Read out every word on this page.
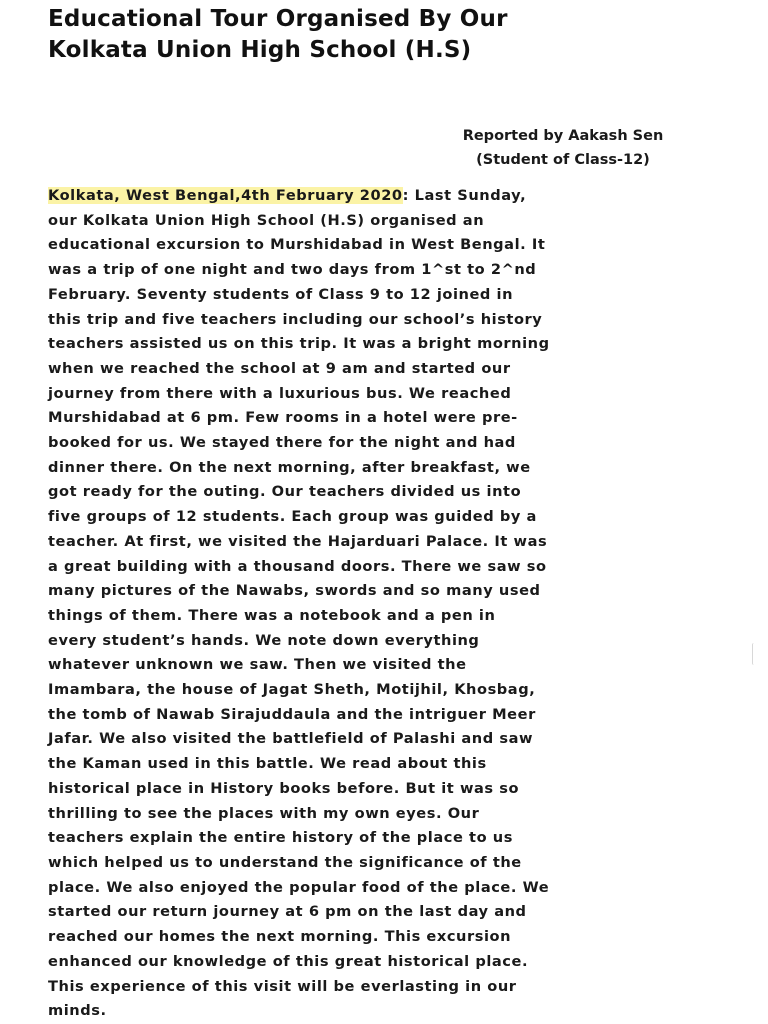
Educational Tour Organised By Our
Kolkata Union High School (H.S)
Reported by Aakash Sen
(Student of Class-12)
Kolkata, West Bengal,4th February 2020: Last Sunday,
our Kolkata Union High School (H.S) organised an
educational excursion to Murshidabad in West Bengal. It
was a trip of one night and two days from 1^st to 2^nd
February. Seventy students of Class 9 to 12 joined in
this trip and five teachers including our school’s history
teachers assisted us on this trip. It was a bright morning
when we reached the school at 9 am and started our
journey from there with a luxurious bus. We reached
Murshidabad at 6 pm. Few rooms in a hotel were pre-
booked for us. We stayed there for the night and had
dinner there. On the next morning, after breakfast, we
got ready for the outing. Our teachers divided us into
five groups of 12 students. Each group was guided by a
teacher. At first, we visited the Hajarduari Palace. It was
a great building with a thousand doors. There we saw so
many pictures of the Nawabs, swords and so many used
things of them. There was a notebook and a pen in
every student’s hands. We note down everything
whatever unknown we saw. Then we visited the
Imambara, the house of Jagat Sheth, Motijhil, Khosbag,
the tomb of Nawab Sirajuddaula and the intriguer Meer
Jafar. We also visited the battlefield of Palashi and saw
the Kaman used in this battle. We read about this
historical place in History books before. But it was so
thrilling to see the places with my own eyes. Our
teachers explain the entire history of the place to us
which helped us to understand the significance of the
place. We also enjoyed the popular food of the place. We
started our return journey at 6 pm on the last day and
reached our homes the next morning. This excursion
enhanced our knowledge of this great historical place.
This experience of this visit will be everlasting in our
minds.
